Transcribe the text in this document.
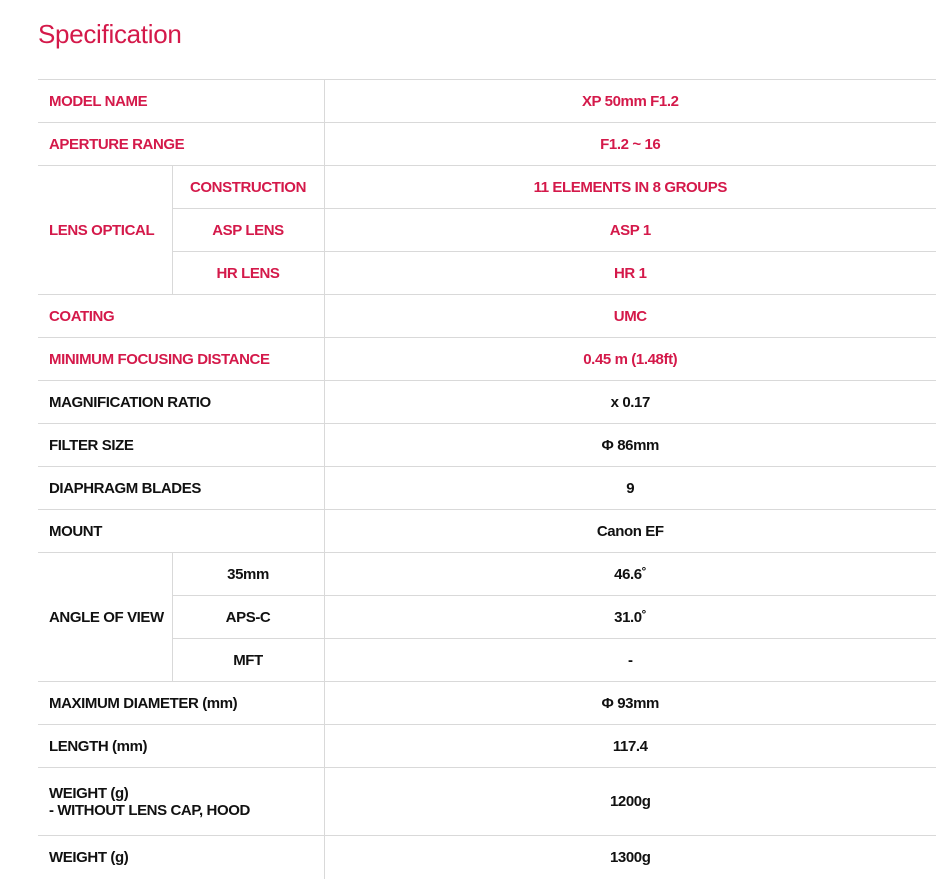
Specification
MODEL NAME		XP 50mm F1.2
APERTURE RANGE		F1.2 ~ 16
LENS OPTICAL	CONSTRUCTION	11 ELEMENTS IN 8 GROUPS
	ASP LENS	ASP 1
	HR LENS	HR 1
COATING		UMC
MINIMUM FOCUSING DISTANCE		0.45 m (1.48ft)
MAGNIFICATION RATIO		x 0.17
FILTER SIZE		Φ 86mm
DIAPHRAGM BLADES		9
MOUNT		Canon EF
ANGLE OF VIEW	35mm	46.6˚
	APS-C	31.0˚
	MFT	-
MAXIMUM DIAMETER (mm)		Φ 93mm
LENGTH (mm)		117.4

WEIGHT (g)
- WITHOUT LENS CAP, HOOD		1200g
WEIGHT (g)		1300g
